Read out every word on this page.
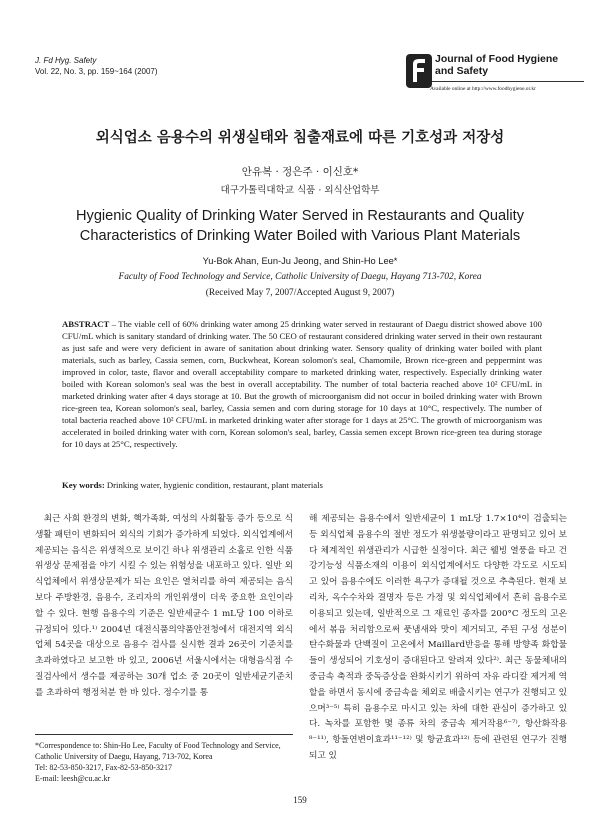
J. Fd Hyg. Safety
Vol. 22, No. 3, pp. 159~164 (2007)
Journal of Food Hygiene
and Safety
Available online at http://www.foodhygiene.or.kr
외식업소 음용수의 위생실태와 침출재료에 따른 기호성과 저장성
안유복 · 정은주 · 이신호*
대구가톨릭대학교 식품 · 외식산업학부
Hygienic Quality of Drinking Water Served in Restaurants and Quality
Characteristics of Drinking Water Boiled with Various Plant Materials
Yu-Bok Ahan, Eun-Ju Jeong, and Shin-Ho Lee*
Faculty of Food Technology and Service, Catholic University of Daegu, Hayang 713-702, Korea
(Received May 7, 2007/Accepted August 9, 2007)
ABSTRACT – The viable cell of 60% drinking water among 25 drinking water served in restaurant of Daegu district showed above 100 CFU/mL which is sanitary standard of drinking water. The 50 CEO of restaurant considered drinking water served in their own restaurant as just safe and were very deficient in aware of sanitation about drinking water. Sensory quality of drinking water boiled with plant materials, such as barley, Cassia semen, corn, Buckwheat, Korean solomon's seal, Chamomile, Brown rice-green and peppermint was improved in color, taste, flavor and overall acceptability compare to marketed drinking water, respectively. Especially drinking water boiled with Korean solomon's seal was the best in overall acceptability. The number of total bacteria reached above 10² CFU/mL in marketed drinking water after 4 days storage at 10. But the growth of microorganism did not occur in boiled drinking water with Brown rice-green tea, Korean solomon's seal, barley, Cassia semen and corn during storage for 10 days at 10°C, respectively. The number of total bacteria reached above 10² CFU/mL in marketed drinking water after storage for 1 days at 25°C. The growth of microorganism was accelerated in boiled drinking water with corn, Korean solomon's seal, barley, Cassia semen except Brown rice-green tea during storage for 10 days at 25°C, respectively.
Key words: Drinking water, hygienic condition, restaurant, plant materials
최근 사회 환경의 변화, 핵가족화, 여성의 사회활동 증가 등으로 식생활 패턴이 변화되어 외식의 기회가 증가하게 되었다. 외식업계에서 제공되는 음식은 위생적으로 보이긴 하나 위생관리 소홀로 인한 식품위생상 문제점을 야기 시킬 수 있는 위험성을 내포하고 있다. 일반 외식업체에서 위생상문제가 되는 요인은 열처리를 하여 제공되는 음식보다 주방환경, 음용수, 조리자의 개인위생이 더욱 중요한 요인이라 할 수 있다. 현행 음용수의 기준은 일반세균수 1 mL당 100 이하로 규정되어 있다.¹⁾ 2004년 대전식품의약품안전청에서 대전지역 외식업체 54곳을 대상으로 음용수 검사를 실시한 결과 26곳이 기준치를 초과하였다고 보고한 바 있고, 2006년 서울시에서는 대형음식점 수질검사에서 생수를 제공하는 30개 업소 중 20곳이 일반세균기준치를 초과하여 행정처분 한 바 있다. 정수기를 통
해 제공되는 음용수에서 일반세균이 1 mL당 1.7×10⁴이 검출되는 등 외식업체 음용수의 절반 정도가 위생불량이라고 판명되고 있어 보다 체계적인 위생관리가 시급한 실정이다. 최근 웰빙 열풍을 타고 건강기능성 식품소재의 이용이 외식업계에서도 다양한 각도로 시도되고 있어 음용수에도 이러한 욕구가 증대될 것으로 추측된다. 현재 보리차, 옥수수차와 결명자 등은 가정 및 외식업체에서 흔히 음용수로 이용되고 있는데, 일반적으로 그 재료인 종자를 200°C 정도의 고온에서 볶음 처리함으로써 풋냄새와 맛이 제거되고, 주된 구성 성분이 탄수화물과 단백질이 고온에서 Maillard반응을 통해 방향족 화합물들이 생성되어 기호성이 증대된다고 알려져 있다²⁾. 최근 동물체내의 중금속 축적과 중독증상을 완화시키기 위하여 자유 라디칼 제거제 역할을 하면서 동시에 중금속을 체외로 배출시키는 연구가 진행되고 있으며³⁻⁵⁾ 특히 음용수로 마시고 있는 차에 대한 관심이 증가하고 있다. 녹차를 포함한 몇 종류 차의 중금속 제거작용⁶⁻⁷⁾, 항산화작용⁸⁻¹¹⁾, 항돌연변이효과¹¹⁻¹²⁾ 및 항균효과¹²⁾ 등에 관련된 연구가 진행되고 있
*Correspondence to: Shin-Ho Lee, Faculty of Food Technology and Service, Catholic University of Daegu, Hayang, 713-702, Korea
Tel: 82-53-850-3217, Fax-82-53-850-3217
E-mail: leesh@cu.ac.kr
159
